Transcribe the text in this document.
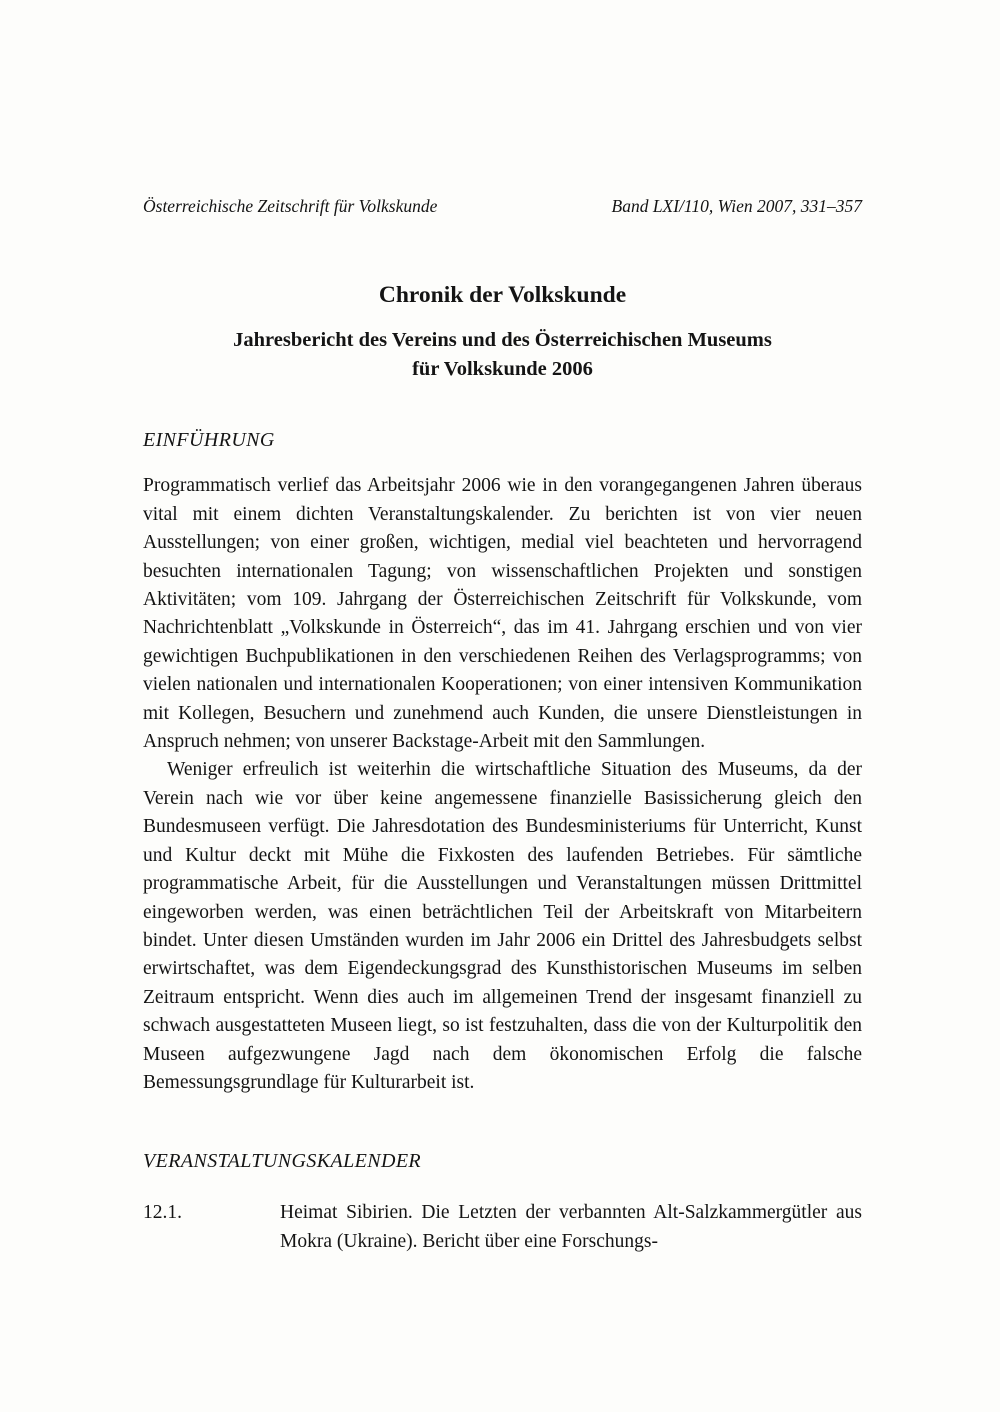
Österreichische Zeitschrift für Volkskunde	Band LXI/110, Wien 2007, 331–357
Chronik der Volkskunde
Jahresbericht des Vereins und des Österreichischen Museums
für Volkskunde 2006
EINFÜHRUNG

Programmatisch verlief das Arbeitsjahr 2006 wie in den vorangegangenen Jahren überaus vital mit einem dichten Veranstaltungskalender. Zu berichten ist von vier neuen Ausstellungen; von einer großen, wichtigen, medial viel beachteten und hervorragend besuchten internationalen Tagung; von wissenschaftlichen Projekten und sonstigen Aktivitäten; vom 109. Jahrgang der Österreichischen Zeitschrift für Volkskunde, vom Nachrichtenblatt „Volkskunde in Österreich“, das im 41. Jahrgang erschien und von vier gewichtigen Buchpublikationen in den verschiedenen Reihen des Verlagsprogramms; von vielen nationalen und internationalen Kooperationen; von einer intensiven Kommunikation mit Kollegen, Besuchern und zunehmend auch Kunden, die unsere Dienstleistungen in Anspruch nehmen; von unserer Backstage-Arbeit mit den Sammlungen.

Weniger erfreulich ist weiterhin die wirtschaftliche Situation des Museums, da der Verein nach wie vor über keine angemessene finanzielle Basissicherung gleich den Bundesmuseen verfügt. Die Jahresdotation des Bundesministeriums für Unterricht, Kunst und Kultur deckt mit Mühe die Fixkosten des laufenden Betriebes. Für sämtliche programmatische Arbeit, für die Ausstellungen und Veranstaltungen müssen Drittmittel eingeworben werden, was einen beträchtlichen Teil der Arbeitskraft von Mitarbeitern bindet. Unter diesen Umständen wurden im Jahr 2006 ein Drittel des Jahresbudgets selbst erwirtschaftet, was dem Eigendeckungsgrad des Kunsthistorischen Museums im selben Zeitraum entspricht. Wenn dies auch im allgemeinen Trend der insgesamt finanziell zu schwach ausgestatteten Museen liegt, so ist festzuhalten, dass die von der Kulturpolitik den Museen aufgezwungene Jagd nach dem ökonomischen Erfolg die falsche Bemessungsgrundlage für Kulturarbeit ist.

VERANSTALTUNGSKALENDER
12.1.	Heimat Sibirien. Die Letzten der verbannten Alt-Salzkammergütler aus Mokra (Ukraine). Bericht über eine Forschungs-
